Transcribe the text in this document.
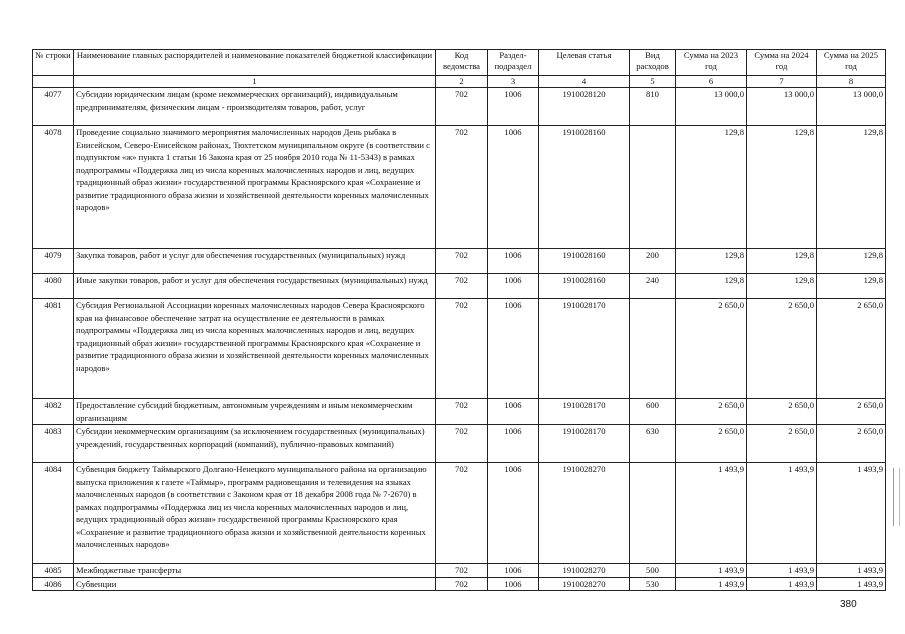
№ строки	Наименование главных распорядителей и наименование показателей бюджетной классификации	Код ведомства	Раздел-подраздел	Целевая статья	Вид расходов	Сумма на 2023 год	Сумма на 2024 год	Сумма на 2025 год
	1	2	3	4	5	6	7	8
4077	Субсидии юридическим лицам (кроме некоммерческих организаций), индивидуальным предпринимателям, физическим лицам - производителям товаров, работ, услуг	702	1006	1910028120	810	13 000,0	13 000,0	13 000,0
4078	Проведение социально значимого мероприятия малочисленных народов День рыбака в Енисейском, Северо-Енисейском районах, Тюхтетском муниципальном округе (в соответствии с подпунктом «ж» пункта 1 статьи 16 Закона края от 25 ноября 2010 года № 11-5343) в рамках подпрограммы «Поддержка лиц из числа коренных малочисленных народов и лиц, ведущих традиционный образ жизни» государственной программы Красноярского края «Сохранение и развитие традиционного образа жизни и хозяйственной деятельности коренных малочисленных народов»	702	1006	1910028160		129,8	129,8	129,8
4079	Закупка товаров, работ и услуг для обеспечения государственных (муниципальных) нужд	702	1006	1910028160	200	129,8	129,8	129,8
4080	Иные закупки товаров, работ и услуг для обеспечения государственных (муниципальных) нужд	702	1006	1910028160	240	129,8	129,8	129,8
4081	Субсидия Региональной Ассоциации коренных малочисленных народов Севера Красноярского края на финансовое обеспечение затрат на осуществление ее деятельности в рамках подпрограммы «Поддержка лиц из числа коренных малочисленных народов и лиц, ведущих традиционный образ жизни» государственной программы Красноярского края «Сохранение и развитие традиционного образа жизни и хозяйственной деятельности коренных малочисленных народов»	702	1006	1910028170		2 650,0	2 650,0	2 650,0
4082	Предоставление субсидий бюджетным, автономным учреждениям и иным некоммерческим организациям	702	1006	1910028170	600	2 650,0	2 650,0	2 650,0
4083	Субсидии некоммерческим организациям (за исключением государственных (муниципальных) учреждений, государственных корпораций (компаний), публично-правовых компаний)	702	1006	1910028170	630	2 650,0	2 650,0	2 650,0
4084	Субвенция бюджету Таймырского Долгано-Ненецкого муниципального района на организацию выпуска приложения к газете «Таймыр», программ радиовещания и телевидения на языках малочисленных народов (в соответствии с Законом края от 18 декабря 2008 года № 7-2670) в рамках подпрограммы «Поддержка лиц из числа коренных малочисленных народов и лиц, ведущих традиционный образ жизни» государственной программы Красноярского края «Сохранение и развитие традиционного образа жизни и хозяйственной деятельности коренных малочисленных народов»	702	1006	1910028270		1 493,9	1 493,9	1 493,9
4085	Межбюджетные трансферты	702	1006	1910028270	500	1 493,9	1 493,9	1 493,9
4086	Субвенции	702	1006	1910028270	530	1 493,9	1 493,9	1 493,9
380
